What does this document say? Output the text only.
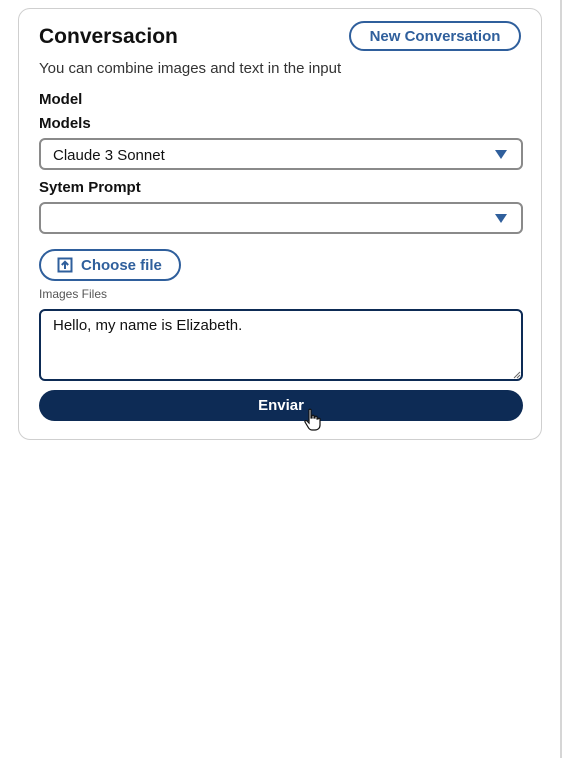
Conversacion	New Conversation
You can combine images and text in the input
Model
Models
Claude 3 Sonnet
Sytem Prompt
Choose file
Images Files
Hello, my name is Elizabeth.
Enviar
